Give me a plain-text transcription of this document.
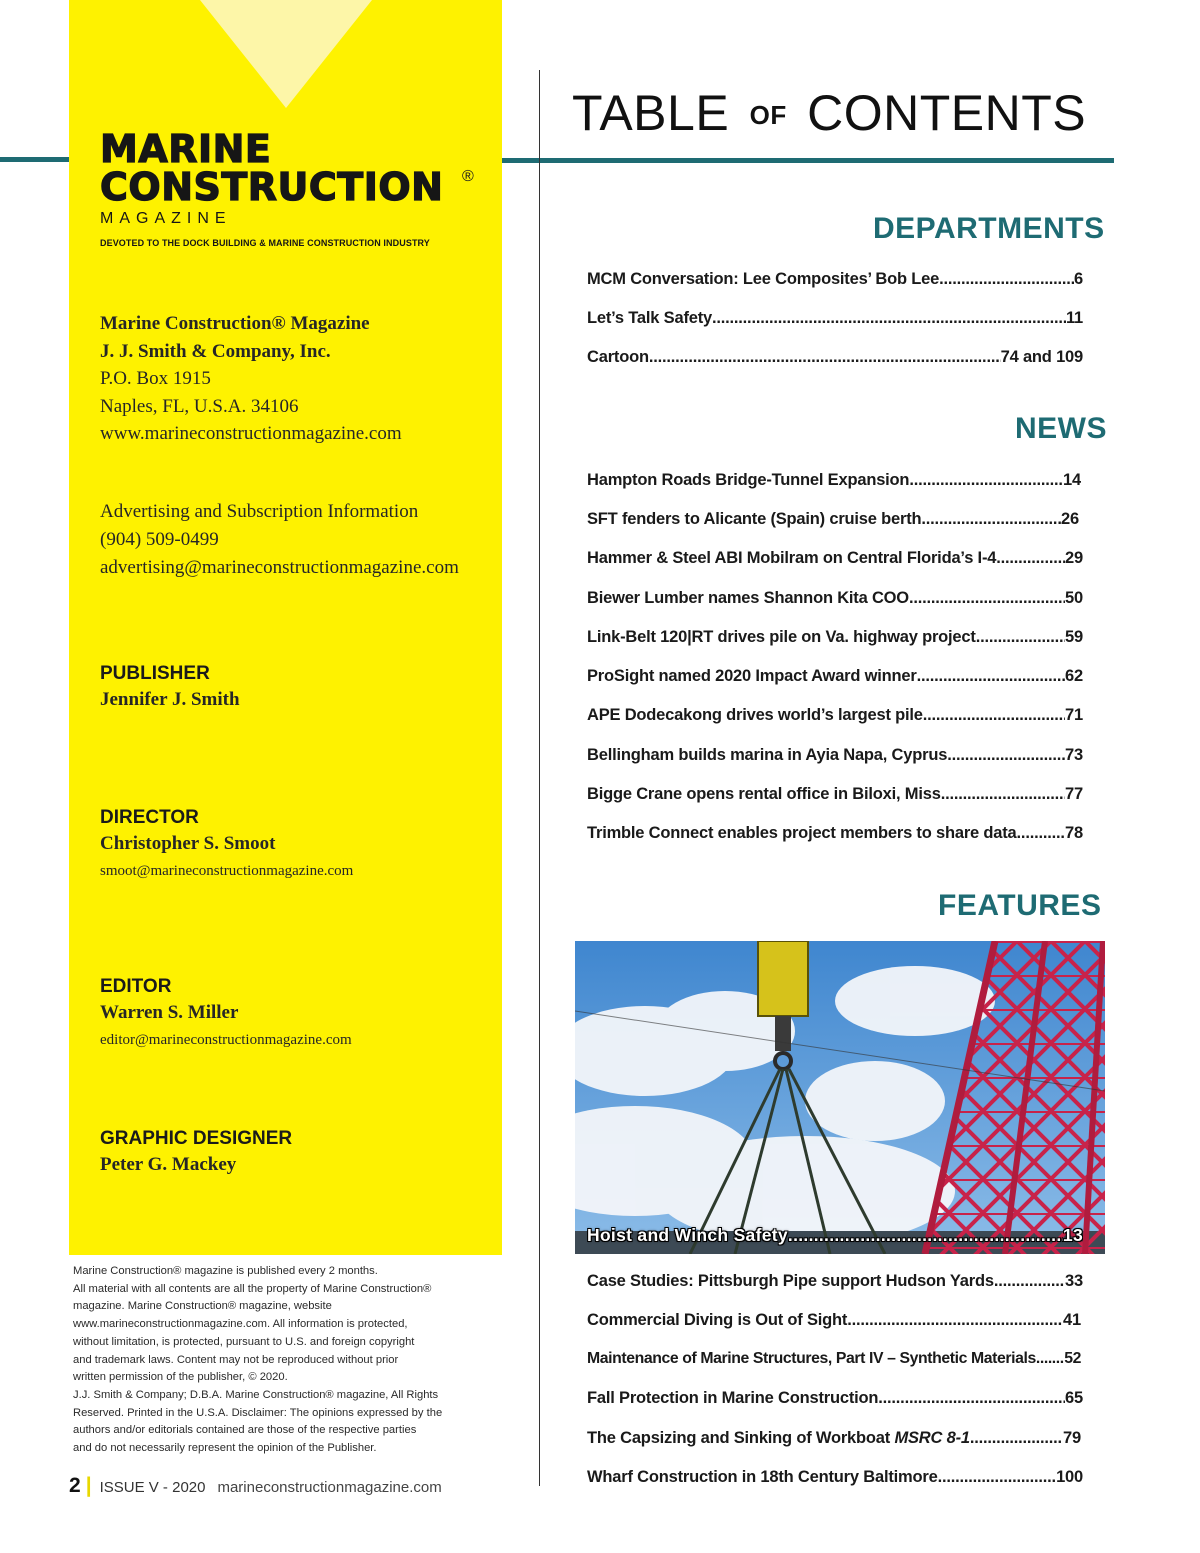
MARINE
CONSTRUCTION	®
MAGAZINE
DEVOTED TO THE DOCK BUILDING & MARINE CONSTRUCTION INDUSTRY
Marine Construction® Magazine
J. J. Smith & Company, Inc.
P.O. Box 1915
Naples, FL, U.S.A. 34106
www.marineconstructionmagazine.com
Advertising and Subscription Information
(904) 509-0499
advertising@marineconstructionmagazine.com
PUBLISHER
Jennifer J. Smith
DIRECTOR
Christopher S. Smoot
smoot@marineconstructionmagazine.com
EDITOR
Warren S. Miller
editor@marineconstructionmagazine.com
GRAPHIC DESIGNER
Peter G. Mackey
Marine Construction® magazine is published every 2 months.
All material with all contents are all the property of Marine Construction®
magazine. Marine Construction® magazine, website
www.marineconstructionmagazine.com. All information is protected,
without limitation, is protected, pursuant to U.S. and foreign copyright
and trademark laws. Content may not be reproduced without prior
written permission of the publisher, © 2020.
J.J. Smith & Company; D.B.A. Marine Construction® magazine, All Rights
Reserved. Printed in the U.S.A. Disclaimer: The opinions expressed by the
authors and/or editorials contained are those of the respective parties
and do not necessarily represent the opinion of the Publisher.
2 | ISSUE V - 2020 marineconstructionmagazine.com
TABLE OF CONTENTS
DEPARTMENTS
MCM Conversation: Lee Composites’ Bob Lee .....	6
Let’s Talk Safety .....	11
Cartoon .....	74 and 109
NEWS
Hampton Roads Bridge-Tunnel Expansion .....	14
SFT fenders to Alicante (Spain) cruise berth .....	26
Hammer & Steel ABI Mobilram on Central Florida’s I-4 .....	29
Biewer Lumber names Shannon Kita COO .....	50
Link-Belt 120|RT drives pile on Va. highway project .....	59
ProSight named 2020 Impact Award winner .....	62
APE Dodecakong drives world’s largest pile .....	71
Bellingham builds marina in Ayia Napa, Cyprus .....	73
Bigge Crane opens rental office in Biloxi, Miss .....	77
Trimble Connect enables project members to share data .....	78
FEATURES
Hoist and Winch Safety .....	13
Case Studies: Pittsburgh Pipe support Hudson Yards .....	33
Commercial Diving is Out of Sight .....	41
Maintenance of Marine Structures, Part IV – Synthetic Materials. ..... 52
Fall Protection in Marine Construction .....	65
The Capsizing and Sinking of Workboat MSRC 8-1 .....	79
Wharf Construction in 18th Century Baltimore .....	100
